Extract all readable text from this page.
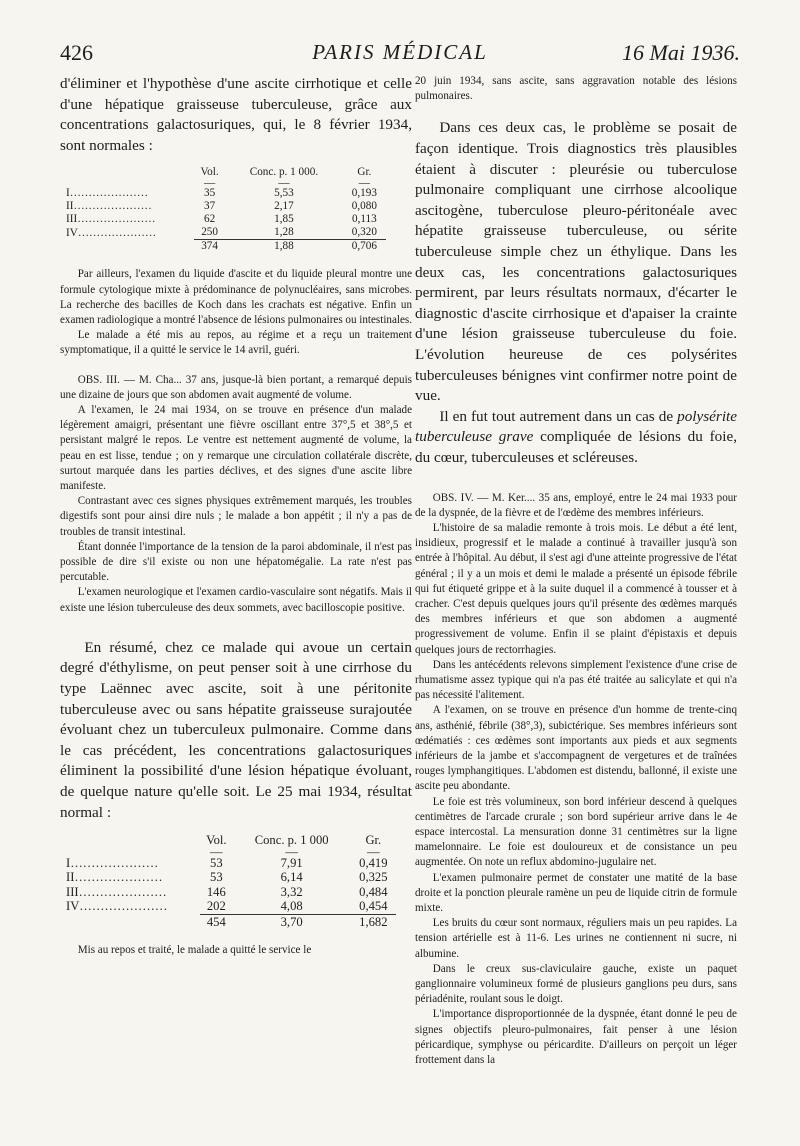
426	PARIS MÉDICAL	16 Mai 1936.

d'éliminer et l'hypothèse d'une ascite cirrhotique et celle d'une hépatique graisseuse tuberculeuse, grâce aux concentrations galactosuriques, qui, le 8 février 1934, sont normales :

	Vol.	Conc. p. 1 000.	Gr.
	—	—	—
I…………………	35	5,53	0,193
II…………………	37	2,17	0,080
III…………………	62	1,85	0,113
IV…………………	250	1,28	0,320
	374	1,88	0,706

Par ailleurs, l'examen du liquide d'ascite et du liquide pleural montre une formule cytologique mixte à prédominance de polynucléaires, sans microbes. La recherche des bacilles de Koch dans les crachats est négative. Enfin un examen radiologique a montré l'absence de lésions pulmonaires ou intestinales.

Le malade a été mis au repos, au régime et a reçu un traitement symptomatique, il a quitté le service le 14 avril, guéri.

OBS. III. — M. Cha... 37 ans, jusque-là bien portant, a remarqué depuis une dizaine de jours que son abdomen avait augmenté de volume.

A l'examen, le 24 mai 1934, on se trouve en présence d'un malade légèrement amaigri, présentant une fièvre oscillant entre 37°,5 et 38°,5 et persistant malgré le repos. Le ventre est nettement augmenté de volume, la peau en est lisse, tendue ; on y remarque une circulation collatérale discrète, surtout marquée dans les parties déclives, et des signes d'une ascite libre manifeste.

Contrastant avec ces signes physiques extrêmement marqués, les troubles digestifs sont pour ainsi dire nuls ; le malade a bon appétit ; il n'y a pas de troubles de transit intestinal.

Étant donnée l'importance de la tension de la paroi abdominale, il n'est pas possible de dire s'il existe ou non une hépatomégalie. La rate n'est pas percutable.

L'examen neurologique et l'examen cardio-vasculaire sont négatifs. Mais il existe une lésion tuberculeuse des deux sommets, avec bacilloscopie positive.

En résumé, chez ce malade qui avoue un certain degré d'éthylisme, on peut penser soit à une cirrhose du type Laënnec avec ascite, soit à une péritonite tuberculeuse avec ou sans hépatite graisseuse surajoutée évoluant chez un tuberculeux pulmonaire. Comme dans le cas précédent, les concentrations galactosuriques éliminent la possibilité d'une lésion hépatique évoluant, de quelque nature qu'elle soit. Le 25 mai 1934, résultat normal :

	Vol.	Conc. p. 1 000	Gr.
	—	—	—
I…………………	53	7,91	0,419
II…………………	53	6,14	0,325
III…………………	146	3,32	0,484
IV…………………	202	4,08	0,454
	454	3,70	1,682

Mis au repos et traité, le malade a quitté le service le

20 juin 1934, sans ascite, sans aggravation notable des lésions pulmonaires.

Dans ces deux cas, le problème se posait de façon identique. Trois diagnostics très plausibles étaient à discuter : pleurésie ou tuberculose pulmonaire compliquant une cirrhose alcoolique ascitogène, tuberculose pleuro-péritonéale avec hépatite graisseuse tuberculeuse, ou sérite tuberculeuse simple chez un éthylique. Dans les deux cas, les concentrations galactosuriques permirent, par leurs résultats normaux, d'écarter le diagnostic d'ascite cirrhosique et d'apaiser la crainte d'une lésion graisseuse tuberculeuse du foie. L'évolution heureuse de ces polysérites tuberculeuses bénignes vint confirmer notre point de vue.

Il en fut tout autrement dans un cas de polysérite tuberculeuse grave compliquée de lésions du foie, du cœur, tuberculeuses et scléreuses.

OBS. IV. — M. Ker.... 35 ans, employé, entre le 24 mai 1933 pour de la dyspnée, de la fièvre et de l'œdème des membres inférieurs.

L'histoire de sa maladie remonte à trois mois. Le début a été lent, insidieux, progressif et le malade a continué à travailler jusqu'à son entrée à l'hôpital. Au début, il s'est agi d'une atteinte progressive de l'état général ; il y a un mois et demi le malade a présenté un épisode fébrile qui fut étiqueté grippe et à la suite duquel il a commencé à tousser et à cracher. C'est depuis quelques jours qu'il présente des œdèmes marqués des membres inférieurs et que son abdomen a augmenté progressivement de volume. Enfin il se plaint d'épistaxis et depuis quelques jours de rectorrhagies.

Dans les antécédents relevons simplement l'existence d'une crise de rhumatisme assez typique qui n'a pas été traitée au salicylate et qui n'a pas nécessité l'alitement.

A l'examen, on se trouve en présence d'un homme de trente-cinq ans, asthénié, fébrile (38°,3), subictérique. Ses membres inférieurs sont œdématiés : ces œdèmes sont importants aux pieds et aux segments inférieurs de la jambe et s'accompagnent de vergetures et de traînées rouges lymphangitiques. L'abdomen est distendu, ballonné, il existe une ascite peu abondante.

Le foie est très volumineux, son bord inférieur descend à quelques centimètres de l'arcade crurale ; son bord supérieur arrive dans le 4e espace intercostal. La mensuration donne 31 centimètres sur la ligne mamelonnaire. Le foie est douloureux et de consistance un peu augmentée. On note un reflux abdomino-jugulaire net.

L'examen pulmonaire permet de constater une matité de la base droite et la ponction pleurale ramène un peu de liquide citrin de formule mixte.

Les bruits du cœur sont normaux, réguliers mais un peu rapides. La tension artérielle est à 11-6. Les urines ne contiennent ni sucre, ni albumine.

Dans le creux sus-claviculaire gauche, existe un paquet ganglionnaire volumineux formé de plusieurs ganglions peu durs, sans périadénite, roulant sous le doigt.

L'importance disproportionnée de la dyspnée, étant donné le peu de signes objectifs pleuro-pulmonaires, fait penser à une lésion péricardique, symphyse ou péricardite. D'ailleurs on perçoit un léger frottement dans la
